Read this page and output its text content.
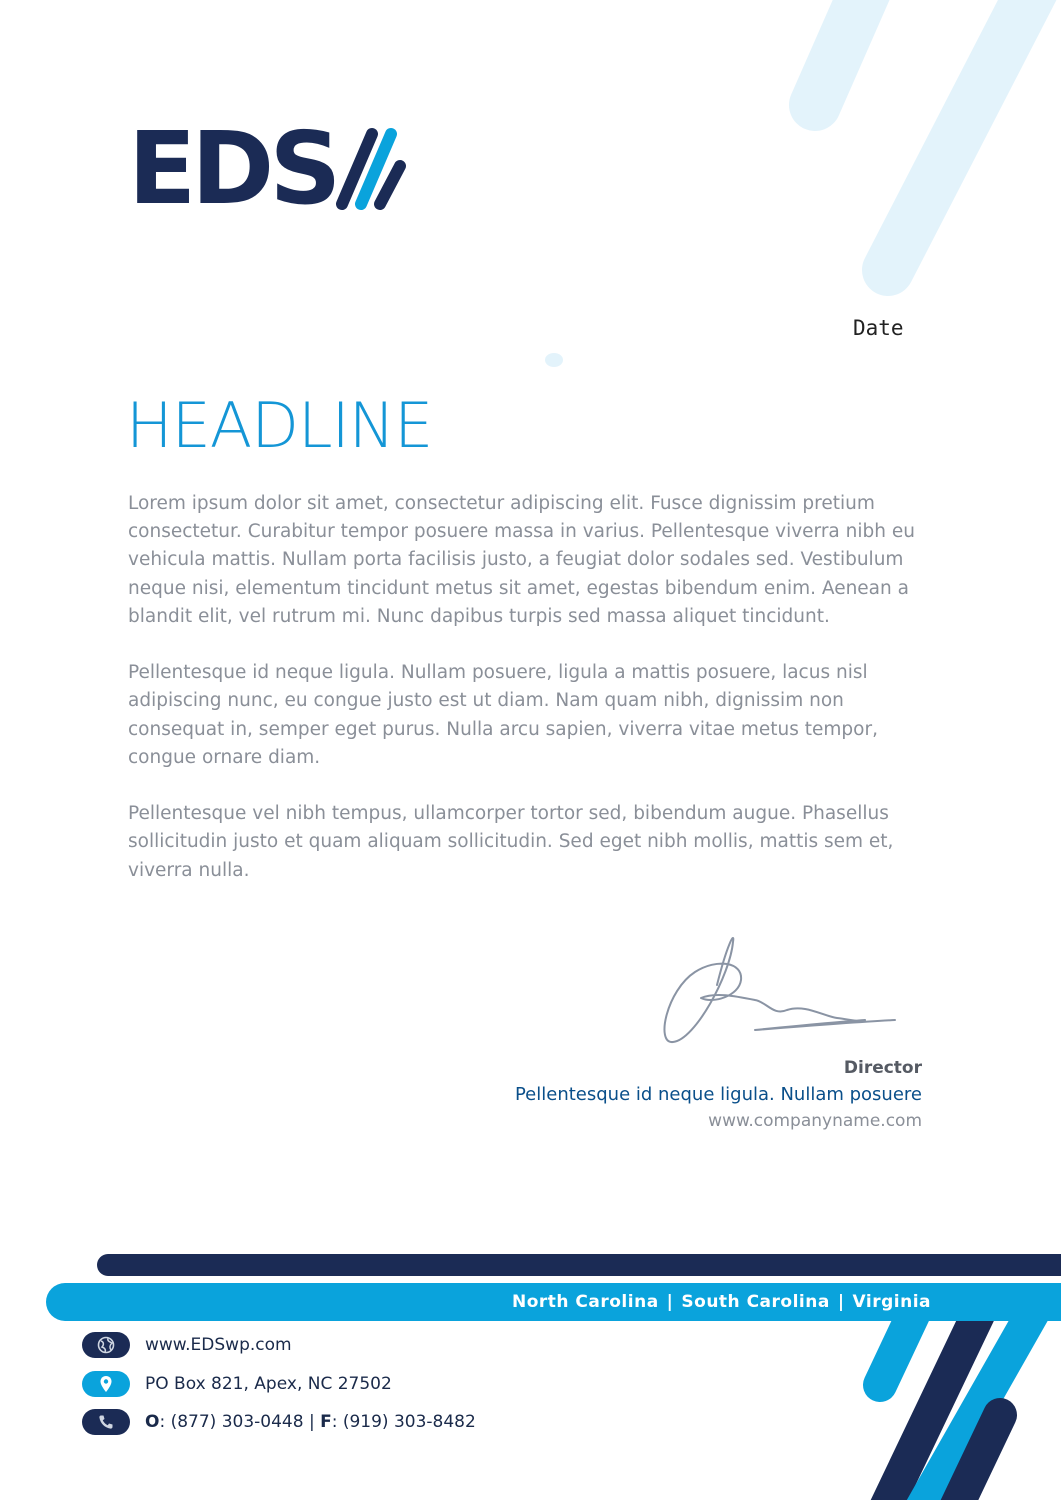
EDS
Date
HEADLINE

Lorem ipsum dolor sit amet, consectetur adipiscing elit. Fusce dignissim pretium consectetur. Curabitur tempor posuere massa in varius. Pellentesque viverra nibh eu vehicula mattis. Nullam porta facilisis justo, a feugiat dolor sodales sed. Vestibulum neque nisi, elementum tincidunt metus sit amet, egestas bibendum enim. Aenean a blandit elit, vel rutrum mi. Nunc dapibus turpis sed massa aliquet tincidunt.

Pellentesque id neque ligula. Nullam posuere, ligula a mattis posuere, lacus nisl adipiscing nunc, eu congue justo est ut diam. Nam quam nibh, dignissim non consequat in, semper eget purus. Nulla arcu sapien, viverra vitae metus tempor, congue ornare diam.

Pellentesque vel nibh tempus, ullamcorper tortor sed, bibendum augue. Phasellus sollicitudin justo et quam aliquam sollicitudin. Sed eget nibh mollis, mattis sem et, viverra nulla.

Director
Pellentesque id neque ligula. Nullam posuere
www.companyname.com
North Carolina | South Carolina | Virginia
www.EDSwp.com
PO Box 821, Apex, NC 27502
O: (877) 303-0448 | F: (919) 303-8482
